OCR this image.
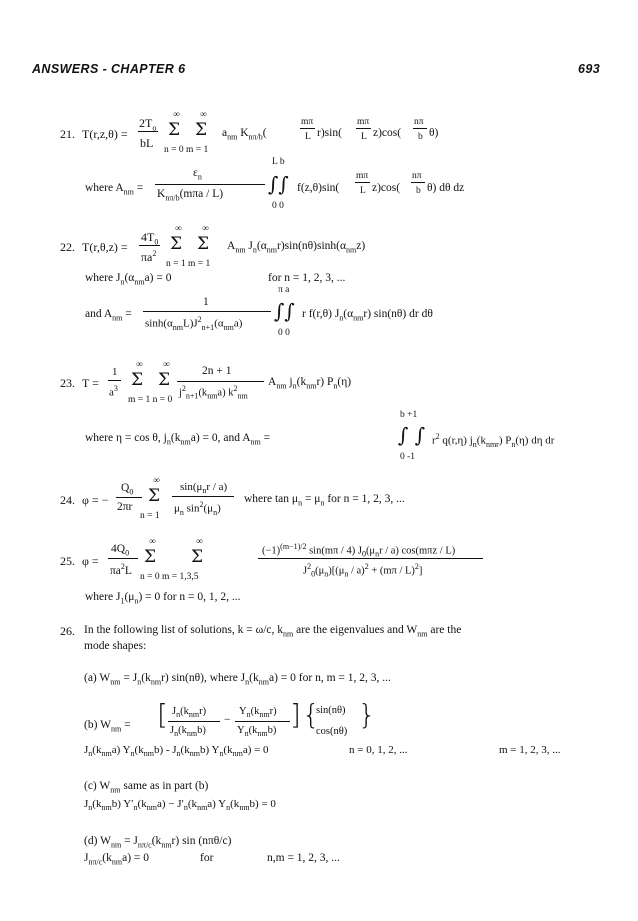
ANSWERS - CHAPTER 6	693
21. T(r,z,θ) =
$2T_o$
bL
∞ ∞
Σ Σ
n = 0 m = 1
$a_{nm}$ $K_{n\pi/b}$(
mπ
L r)sin(
mπ
L z)cos(
nπ
b θ)
where $A_{nm}$ =
$\varepsilon_n$
$K_{n\pi/b}(m\pi a / L)$
L b
∫∫
0 0
f(z,θ)sin(
mπ
L z)cos(
nπ
b θ) dθ dz
22. T(r,θ,z) =
$4T_0$
$\pi a^2$
∞ ∞
Σ Σ
n = 1 m = 1
$A_{nm}$ $J_n(\alpha_{nm}r)\sin(n\theta)\sinh(\alpha_{nm}z)$
where $J_n(\alpha_{nm}a) = 0$	for n = 1, 2, 3, ...
and $A_{nm}$ =
1
$\sinh(\alpha_{nm}L)J^2_{n+1}(\alpha_{nm}a)$
π a
∫∫
0 0
r f(r,θ) $J_n(\alpha_{nm}r)$ sin(nθ) dr dθ
23. T =
1
$a^3$
∞ ∞
Σ Σ
m = 1 n = 0
2n + 1
$j^2_{n+1}(k_{nm}a)$ $k^2_{nm}$
$A_{nm}$ $j_n(k_{nm}r)$ $P_n(\eta)$
where η = cos θ, $j_n(k_{nm}a) = 0$, and $A_{nm}$ =
b +1
∫ ∫
0 -1
$r^2$ q(r,η) $j_n(k_{nmr})$ $P_n(\eta)$ dη dr
24. φ = −
$Q_0$
2πr
∞
Σ
n = 1
$\sin(\mu_nr / a)$
$\mu_n$ $\sin^2(\mu_n)$
where $\tan \mu_n = \mu_n$ for n = 1, 2, 3, ...
25. φ =
$4Q_0$
$\pi a^2L$
∞	∞
Σ Σ
n = 0 m = 1,3,5
$(-1)^{(m-1)/2}$ sin(mπ / 4) $J_0(\mu_nr / a)$ cos(mπz / L)
$J^2_0(\mu_n)[(\mu_n / a)^2 + (m\pi / L)^2]$
where $J_1(\mu_n) = 0$ for n = 0, 1, 2, ...
26. In the following list of solutions, k = ω/c, $k_{nm}$ are the eigenvalues and $W_{nm}$ are the
mode shapes:
(a) $W_{nm} = J_n(k_{nm}r)$ sin(nθ), where $J_n(k_{nm}a) = 0$ for n, m = 1, 2, 3, ...
(b) $W_{nm}$ = [ $J_n(k_{nm}r)$
$J_n(k_{nm}b)$
−
$Y_n(k_{nm}r)$
$Y_n(k_{nm}b)$ ] {
sin(nθ)
cos(nθ)
}
$J_n(k_{nm}a)$ $Y_n(k_{nm}b) - J_n(k_{nm}b) Y_n(k_{nm}a) = 0$	n = 0, 1, 2, ...	m = 1, 2, 3, ...
(c) $W_{nm}$ same as in part (b)
$J_n(k_{nm}b) Y'_n(k_{nm}a) - J'_n(k_{nm}a) Y_n(k_{nm}b) = 0$
(d) $W_{nm} = J_{n\pi/c}(k_{nm}r)$ sin (nπθ/c)
$J_{n\pi/c}(k_{nm}a) = 0$	for	n,m = 1, 2, 3, ...
